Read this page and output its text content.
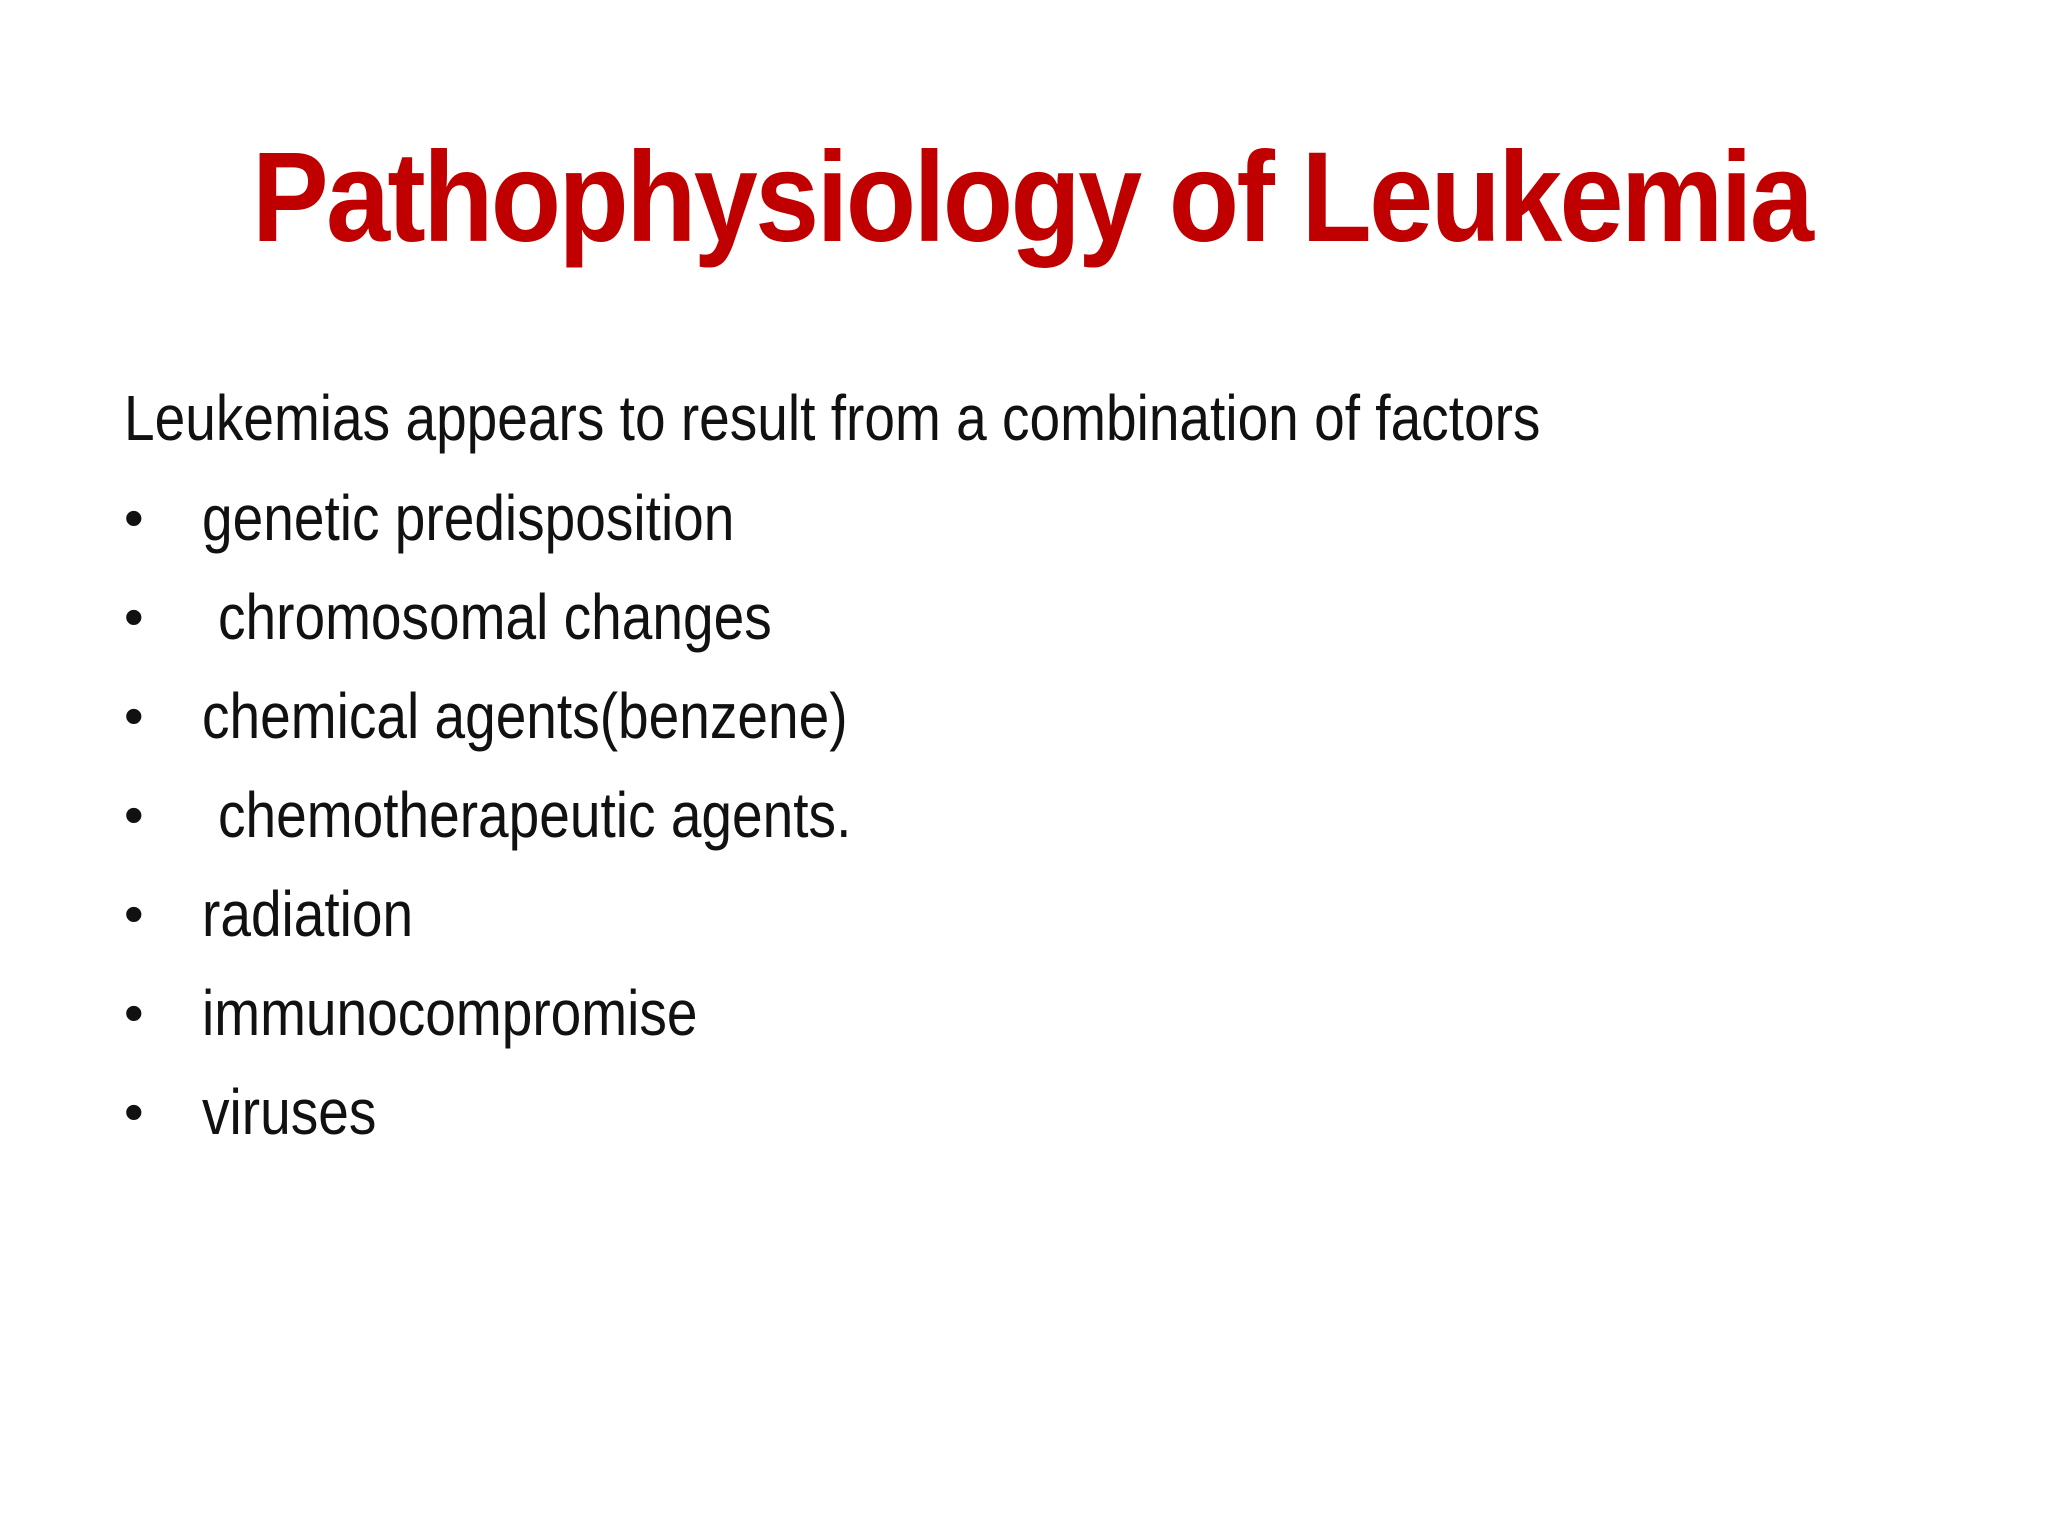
Pathophysiology of Leukemia

Leukemias appears to result from a combination of factors

• genetic predisposition
•	chromosomal changes
• chemical agents(benzene)
•	chemotherapeutic agents.
• radiation
• immunocompromise
• viruses
